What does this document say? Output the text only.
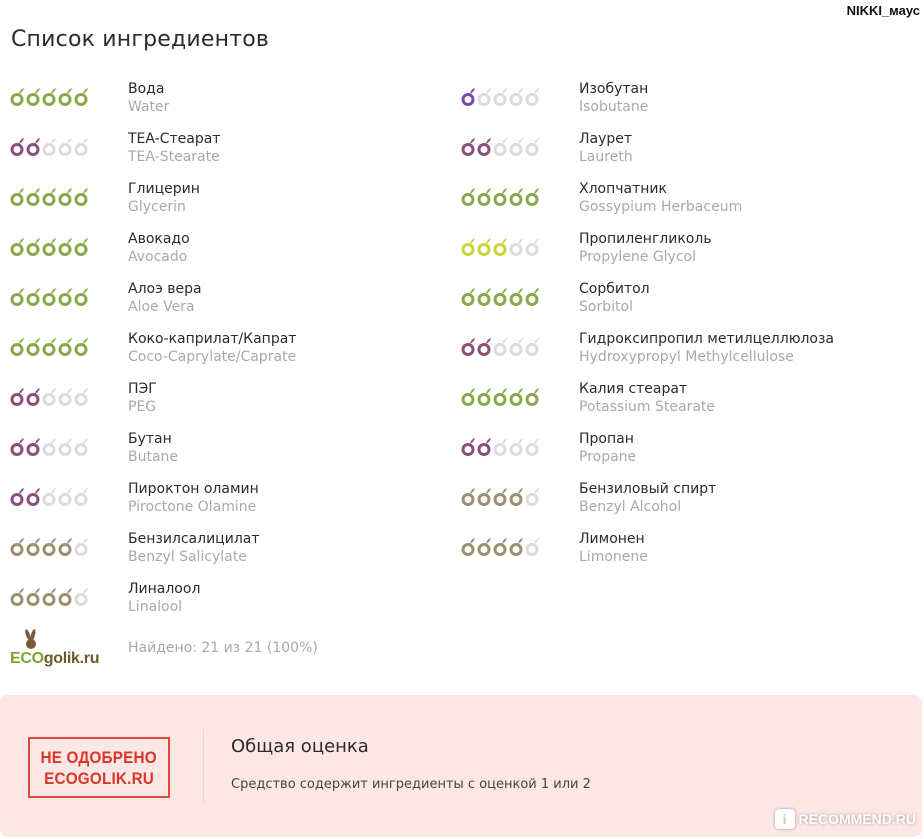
NIKKI_маус
Список ингредиентов
Вода
Water
TEA-Стеарат
TEA-Stearate
Глицерин
Glycerin
Авокадо
Avocado
Алоэ вера
Aloe Vera
Коко-каприлат/Капрат
Coco-Caprylate/Caprate
ПЭГ
PEG
Бутан
Butane
Пироктон оламин
Piroctone Olamine
Бензилсалицилат
Benzyl Salicylate
Линалоол
Linalool
Изобутан
Isobutane
Лаурет
Laureth
Хлопчатник
Gossypium Herbaceum
Пропиленгликоль
Propylene Glycol
Сорбитол
Sorbitol
Гидроксипропил метилцеллюлоза
Hydroxypropyl Methylcellulose
Калия стеарат
Potassium Stearate
Пропан
Propane
Бензиловый спирт
Benzyl Alcohol
Лимонен
Limonene
ECOgolik.ru
Найдено: 21 из 21 (100%)
НЕ ОДОБРЕНО
ECOGOLIK.RU
Общая оценка
Средство содержит ингредиенты с оценкой 1 или 2
i RECOMMEND.RU
